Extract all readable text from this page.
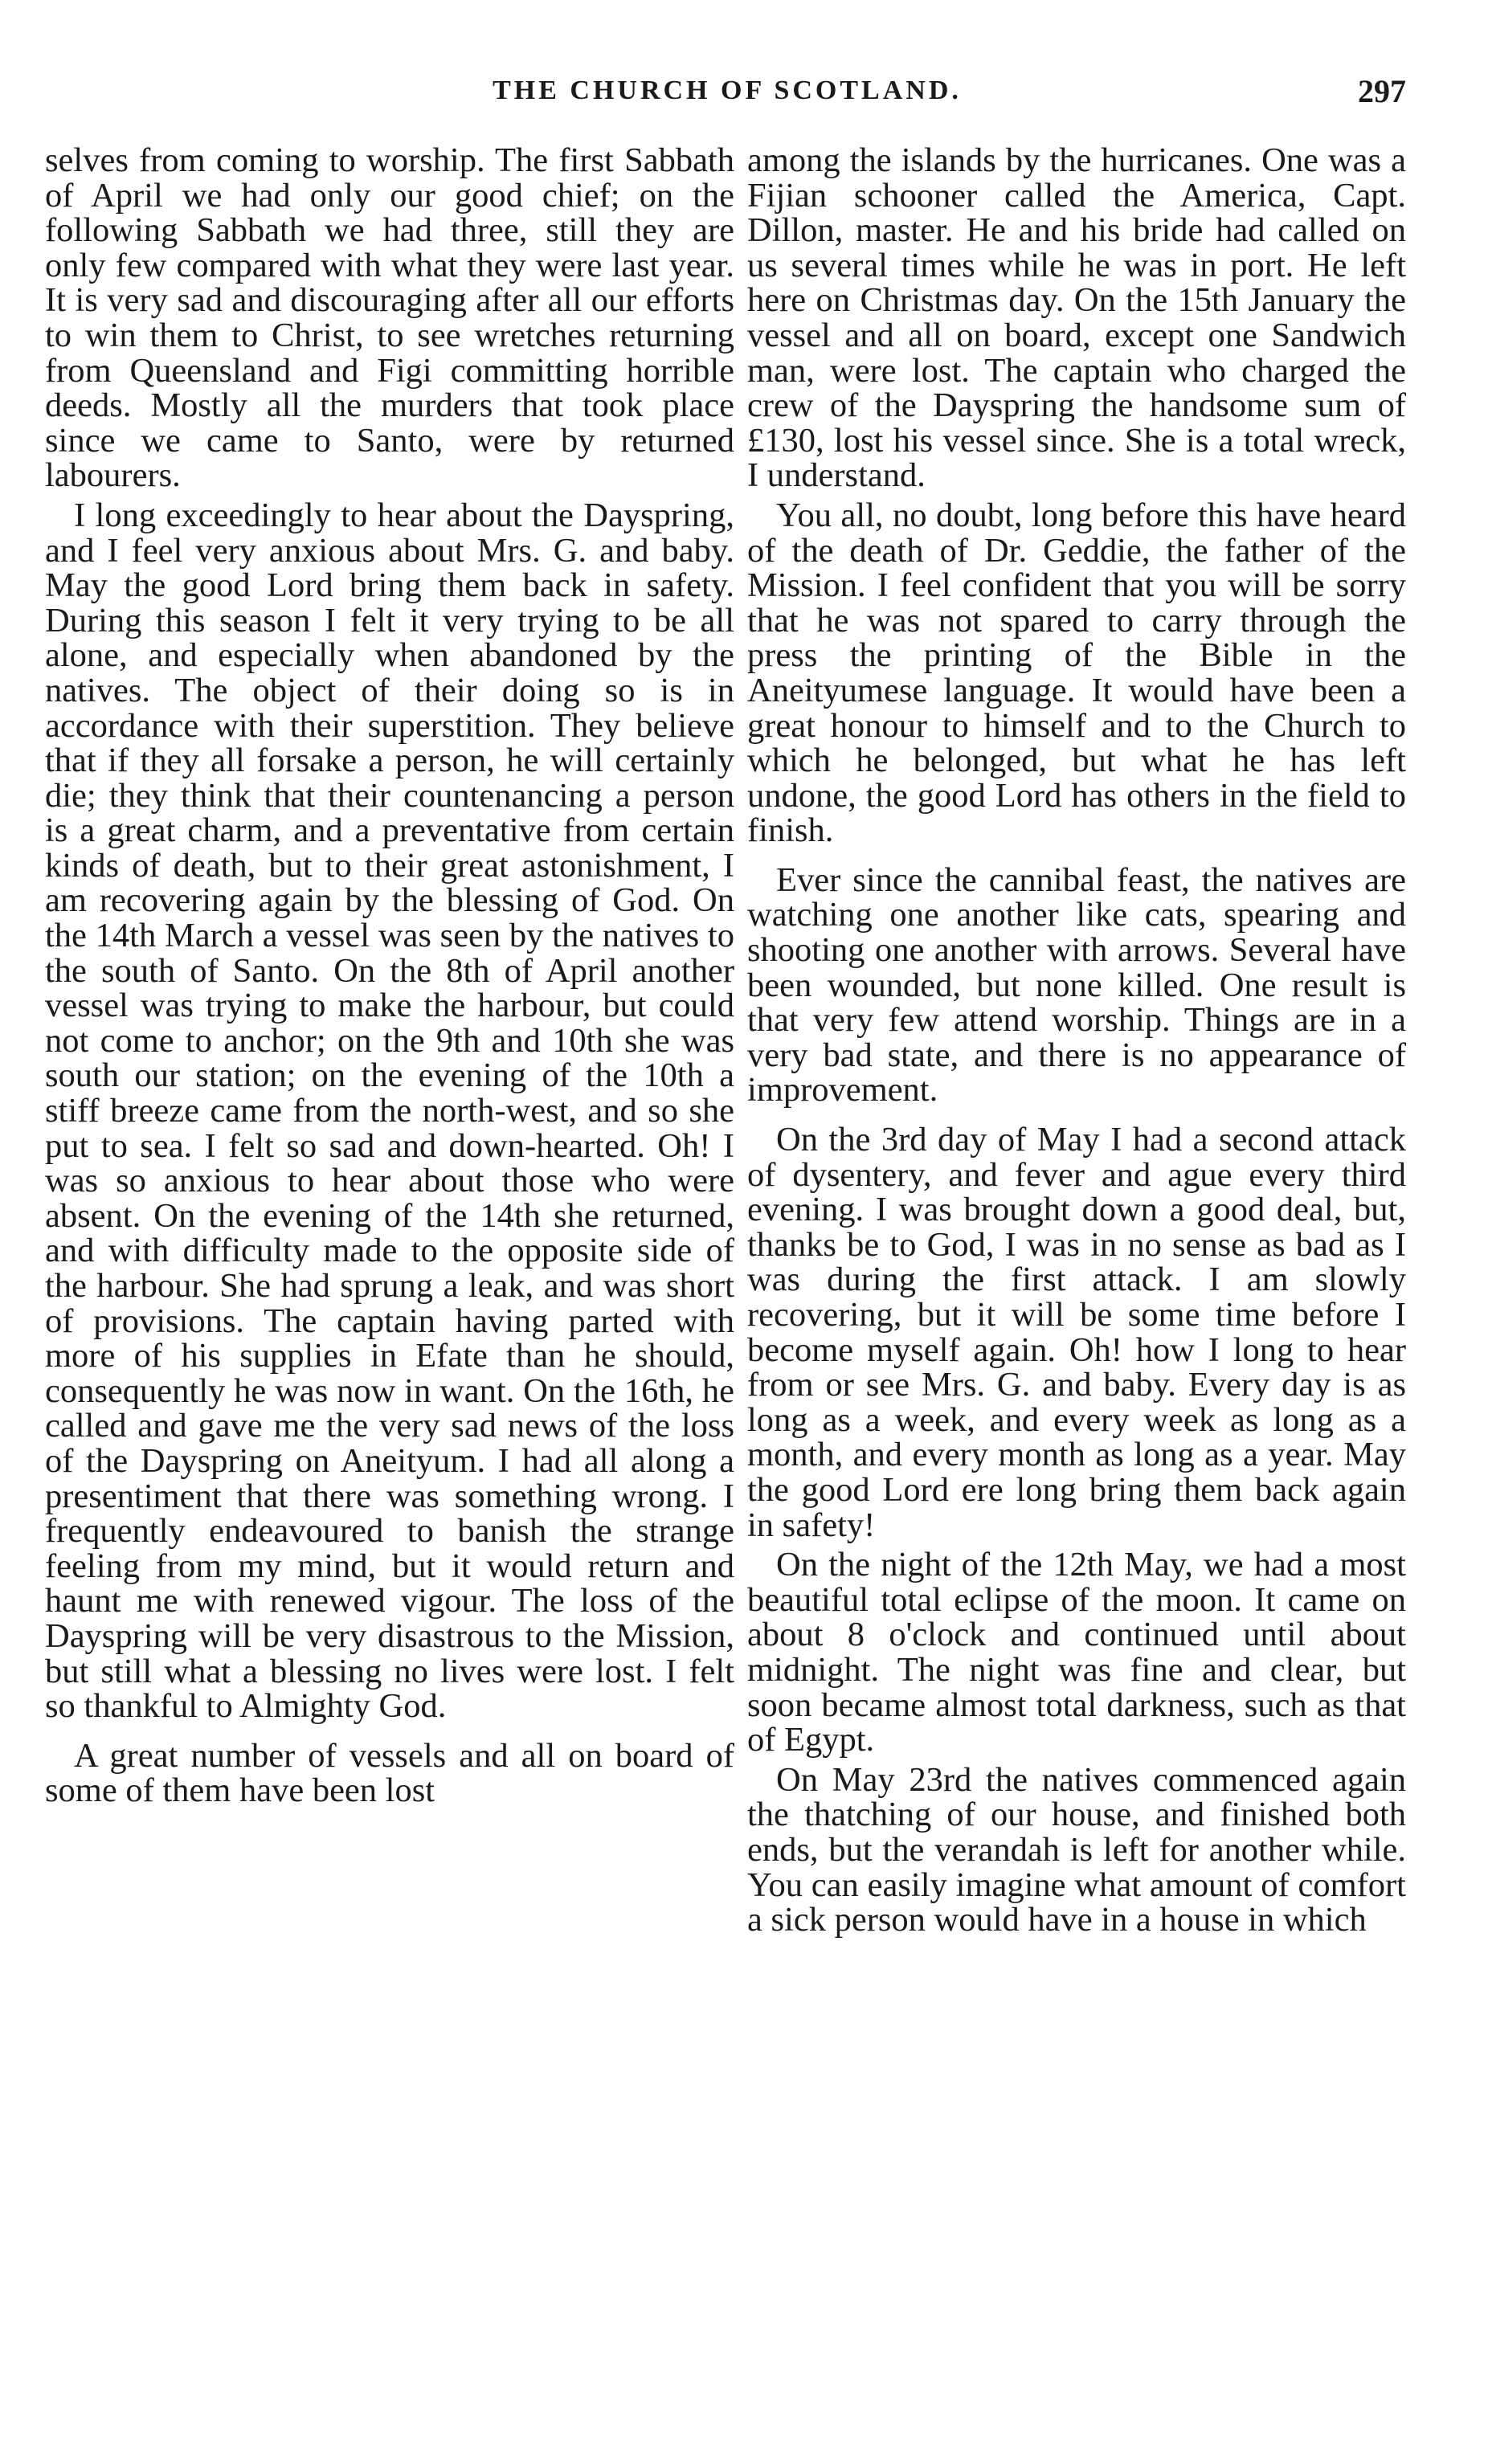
THE CHURCH OF SCOTLAND.	297

selves from coming to worship. The first Sabbath of April we had only our good chief; on the following Sabbath we had three, still they are only few compared with what they were last year. It is very sad and discouraging after all our efforts to win them to Christ, to see wretches returning from Queensland and Figi committing horrible deeds. Mostly all the murders that took place since we came to Santo, were by returned labourers.

I long exceedingly to hear about the Dayspring, and I feel very anxious about Mrs. G. and baby. May the good Lord bring them back in safety. During this season I felt it very trying to be all alone, and especially when abandoned by the natives. The object of their doing so is in accordance with their superstition. They believe that if they all forsake a person, he will certainly die; they think that their countenancing a person is a great charm, and a preventative from certain kinds of death, but to their great astonishment, I am recovering again by the blessing of God. On the 14th March a vessel was seen by the natives to the south of Santo. On the 8th of April another vessel was trying to make the harbour, but could not come to anchor; on the 9th and 10th she was south our station; on the evening of the 10th a stiff breeze came from the north-west, and so she put to sea. I felt so sad and down-hearted. Oh! I was so anxious to hear about those who were absent. On the evening of the 14th she returned, and with difficulty made to the opposite side of the harbour. She had sprung a leak, and was short of provisions. The captain having parted with more of his supplies in Efate than he should, consequently he was now in want. On the 16th, he called and gave me the very sad news of the loss of the Dayspring on Aneityum. I had all along a presentiment that there was something wrong. I frequently endeavoured to banish the strange feeling from my mind, but it would return and haunt me with renewed vigour. The loss of the Dayspring will be very disastrous to the Mission, but still what a blessing no lives were lost. I felt so thankful to Almighty God.

A great number of vessels and all on board of some of them have been lost

among the islands by the hurricanes. One was a Fijian schooner called the America, Capt. Dillon, master. He and his bride had called on us several times while he was in port. He left here on Christmas day. On the 15th January the vessel and all on board, except one Sandwich man, were lost. The captain who charged the crew of the Dayspring the handsome sum of £130, lost his vessel since. She is a total wreck, I understand.

You all, no doubt, long before this have heard of the death of Dr. Geddie, the father of the Mission. I feel confident that you will be sorry that he was not spared to carry through the press the printing of the Bible in the Aneityumese language. It would have been a great honour to himself and to the Church to which he belonged, but what he has left undone, the good Lord has others in the field to finish.

Ever since the cannibal feast, the natives are watching one another like cats, spearing and shooting one another with arrows. Several have been wounded, but none killed. One result is that very few attend worship. Things are in a very bad state, and there is no appearance of improvement.

On the 3rd day of May I had a second attack of dysentery, and fever and ague every third evening. I was brought down a good deal, but, thanks be to God, I was in no sense as bad as I was during the first attack. I am slowly recovering, but it will be some time before I become myself again. Oh! how I long to hear from or see Mrs. G. and baby. Every day is as long as a week, and every week as long as a month, and every month as long as a year. May the good Lord ere long bring them back again in safety!

On the night of the 12th May, we had a most beautiful total eclipse of the moon. It came on about 8 o'clock and continued until about midnight. The night was fine and clear, but soon became almost total darkness, such as that of Egypt.

On May 23rd the natives commenced again the thatching of our house, and finished both ends, but the verandah is left for another while. You can easily imagine what amount of comfort a sick person would have in a house in which
